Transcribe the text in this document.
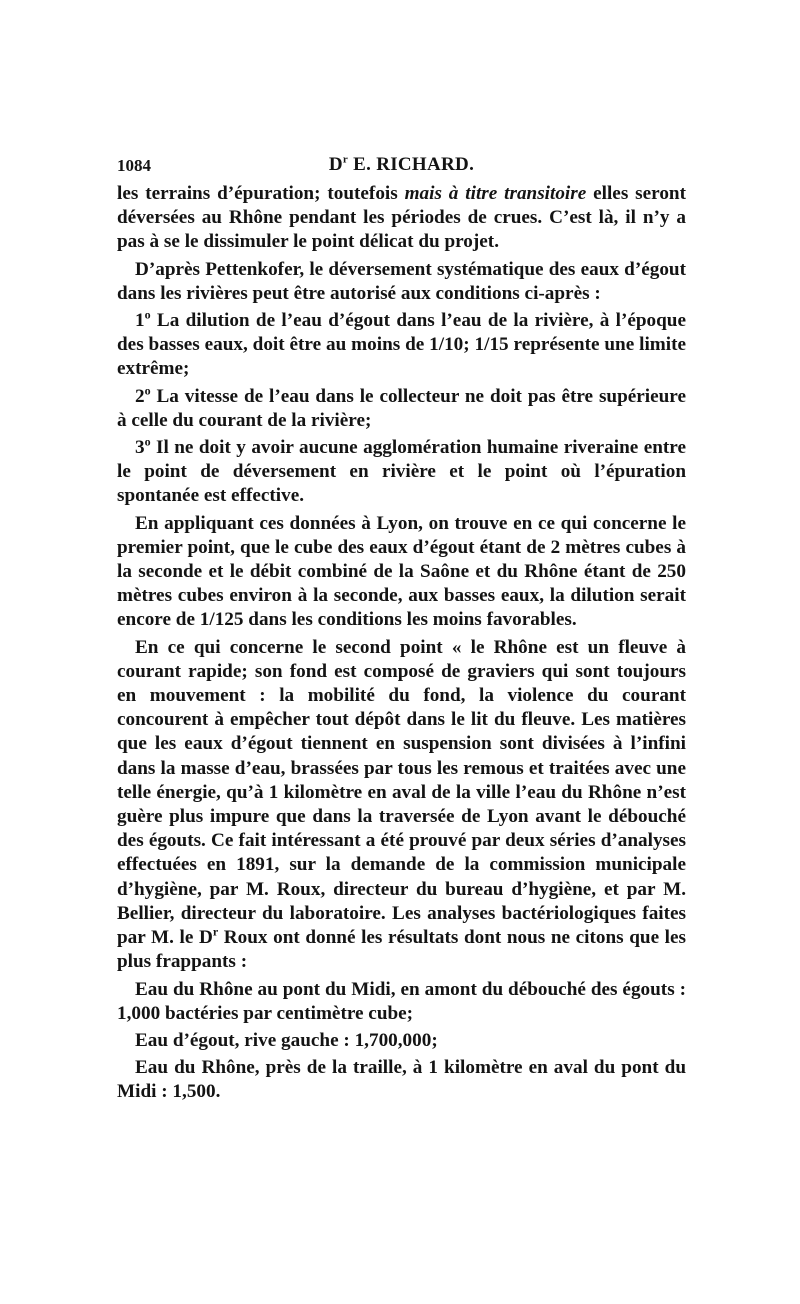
1084	$D^r$ E. RICHARD.

les terrains d’épuration; toutefois mais à titre transitoire elles seront déversées au Rhône pendant les périodes de crues. C’est là, il n’y a pas à se le dissimuler le point délicat du projet.

D’après Pettenkofer, le déversement systématique des eaux d’égout dans les rivières peut être autorisé aux conditions ci-après :

1$^o$ La dilution de l’eau d’égout dans l’eau de la rivière, à l’époque des basses eaux, doit être au moins de 1/10; 1/15 représente une limite extrême;

2$^o$ La vitesse de l’eau dans le collecteur ne doit pas être supérieure à celle du courant de la rivière;

3$^o$ Il ne doit y avoir aucune agglomération humaine riveraine entre le point de déversement en rivière et le point où l’épuration spontanée est effective.

En appliquant ces données à Lyon, on trouve en ce qui concerne le premier point, que le cube des eaux d’égout étant de 2 mètres cubes à la seconde et le débit combiné de la Saône et du Rhône étant de 250 mètres cubes environ à la seconde, aux basses eaux, la dilution serait encore de 1/125 dans les conditions les moins favorables.

En ce qui concerne le second point « le Rhône est un fleuve à courant rapide; son fond est composé de graviers qui sont toujours en mouvement : la mobilité du fond, la violence du courant concourent à empêcher tout dépôt dans le lit du fleuve. Les matières que les eaux d’égout tiennent en suspension sont divisées à l’infini dans la masse d’eau, brassées par tous les remous et traitées avec une telle énergie, qu’à 1 kilomètre en aval de la ville l’eau du Rhône n’est guère plus impure que dans la traversée de Lyon avant le débouché des égouts. Ce fait intéressant a été prouvé par deux séries d’analyses effectuées en 1891, sur la demande de la commission municipale d’hygiène, par M. Roux, directeur du bureau d’hygiène, et par M. Bellier, directeur du laboratoire. Les analyses bactériologiques faites par M. le $D^r$ Roux ont donné les résultats dont nous ne citons que les plus frappants :

Eau du Rhône au pont du Midi, en amont du débouché des égouts : 1,000 bactéries par centimètre cube;

Eau d’égout, rive gauche : 1,700,000;

Eau du Rhône, près de la traille, à 1 kilomètre en aval du pont du Midi : 1,500.
